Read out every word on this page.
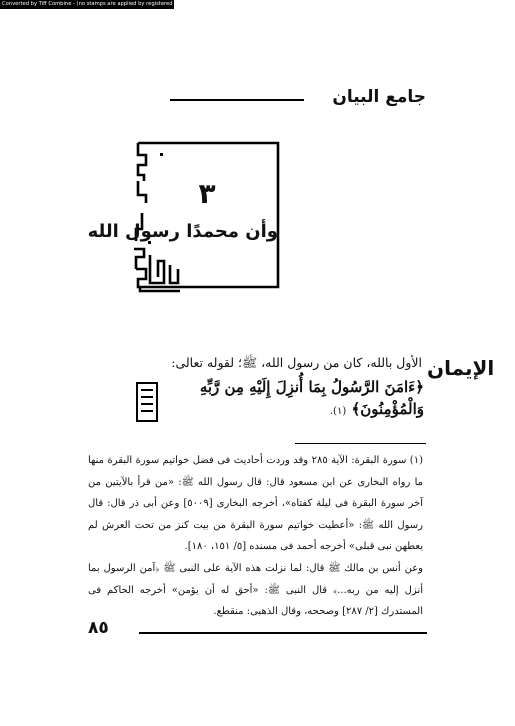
Converted by Tiff Combine - (no stamps are applied by registered version)
جامع البيان
٣
وأن محمدًا رسول الله
الإيمان
الأول بالله، كان من رسول الله، ﷺ؛ لقوله تعالى:
﴿ءَامَنَ الرَّسُولُ بِمَا أُنزِلَ إِلَيْهِ مِن رَّبِّهِ وَالْمُؤْمِنُونَ﴾ (١).

(١) سورة البقرة: الآية ٢٨٥ وقد وردت أحاديث فى فضل خواتيم سورة البقرة منها ما رواه البخارى عن ابن مسعود قال: قال رسول الله ﷺ: «من قرأ بالآيتين من آخر سورة البقرة فى ليلة كفتاه»، أخرجه البخارى [٥٠٠٩] وعن أبى ذر قال: قال رسول الله ﷺ: «أعطيت خواتيم سورة البقرة من بيت كنز من تحت العرش لم يعطهن نبى قبلى» أخرجه أحمد فى مسنده [٥/ ١٥١، ١٨٠].

وعن أنس بن مالك ﷺ قال: لما نزلت هذه الآية على النبى ﷺ ﴿آمن الرسول بما أنزل إليه من ربه...﴾ قال النبى ﷺ: «أحق له أن يؤمن» أخرجه الحاكم فى المستدرك [٢/ ٢٨٧] وصححه، وقال الذهبى: منقطع.

٨٥
